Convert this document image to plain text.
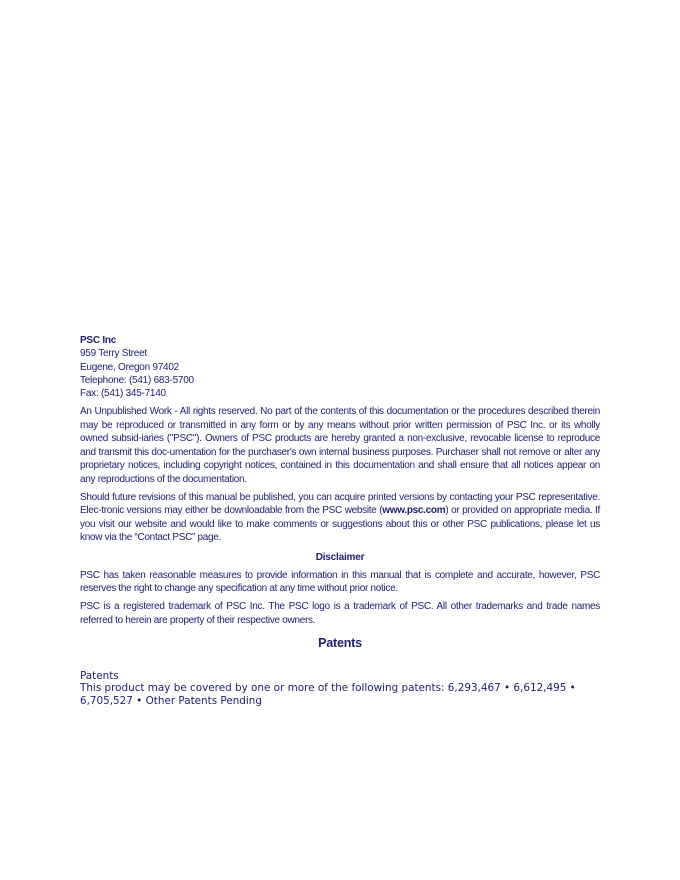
PSC Inc
959 Terry Street
Eugene, Oregon 97402
Telephone: (541) 683-5700
Fax: (541) 345-7140

An Unpublished Work - All rights reserved. No part of the contents of this documentation or the procedures described therein may be reproduced or transmitted in any form or by any means without prior written permission of PSC Inc. or its wholly owned subsid-iaries ("PSC"). Owners of PSC products are hereby granted a non-exclusive, revocable license to reproduce and transmit this doc-umentation for the purchaser's own internal business purposes. Purchaser shall not remove or alter any proprietary notices, including copyright notices, contained in this documentation and shall ensure that all notices appear on any reproductions of the documentation.

Should future revisions of this manual be published, you can acquire printed versions by contacting your PSC representative. Elec-tronic versions may either be downloadable from the PSC website (www.psc.com) or provided on appropriate media. If you visit our website and would like to make comments or suggestions about this or other PSC publications, please let us know via the “Contact PSC” page.

Disclaimer

PSC has taken reasonable measures to provide information in this manual that is complete and accurate, however, PSC reserves the right to change any specification at any time without prior notice.

PSC is a registered trademark of PSC Inc. The PSC logo is a trademark of PSC. All other trademarks and trade names referred to herein are property of their respective owners.

Patents
Patents
This product may be covered by one or more of the following patents: 6,293,467 • 6,612,495 •
6,705,527 • Other Patents Pending
